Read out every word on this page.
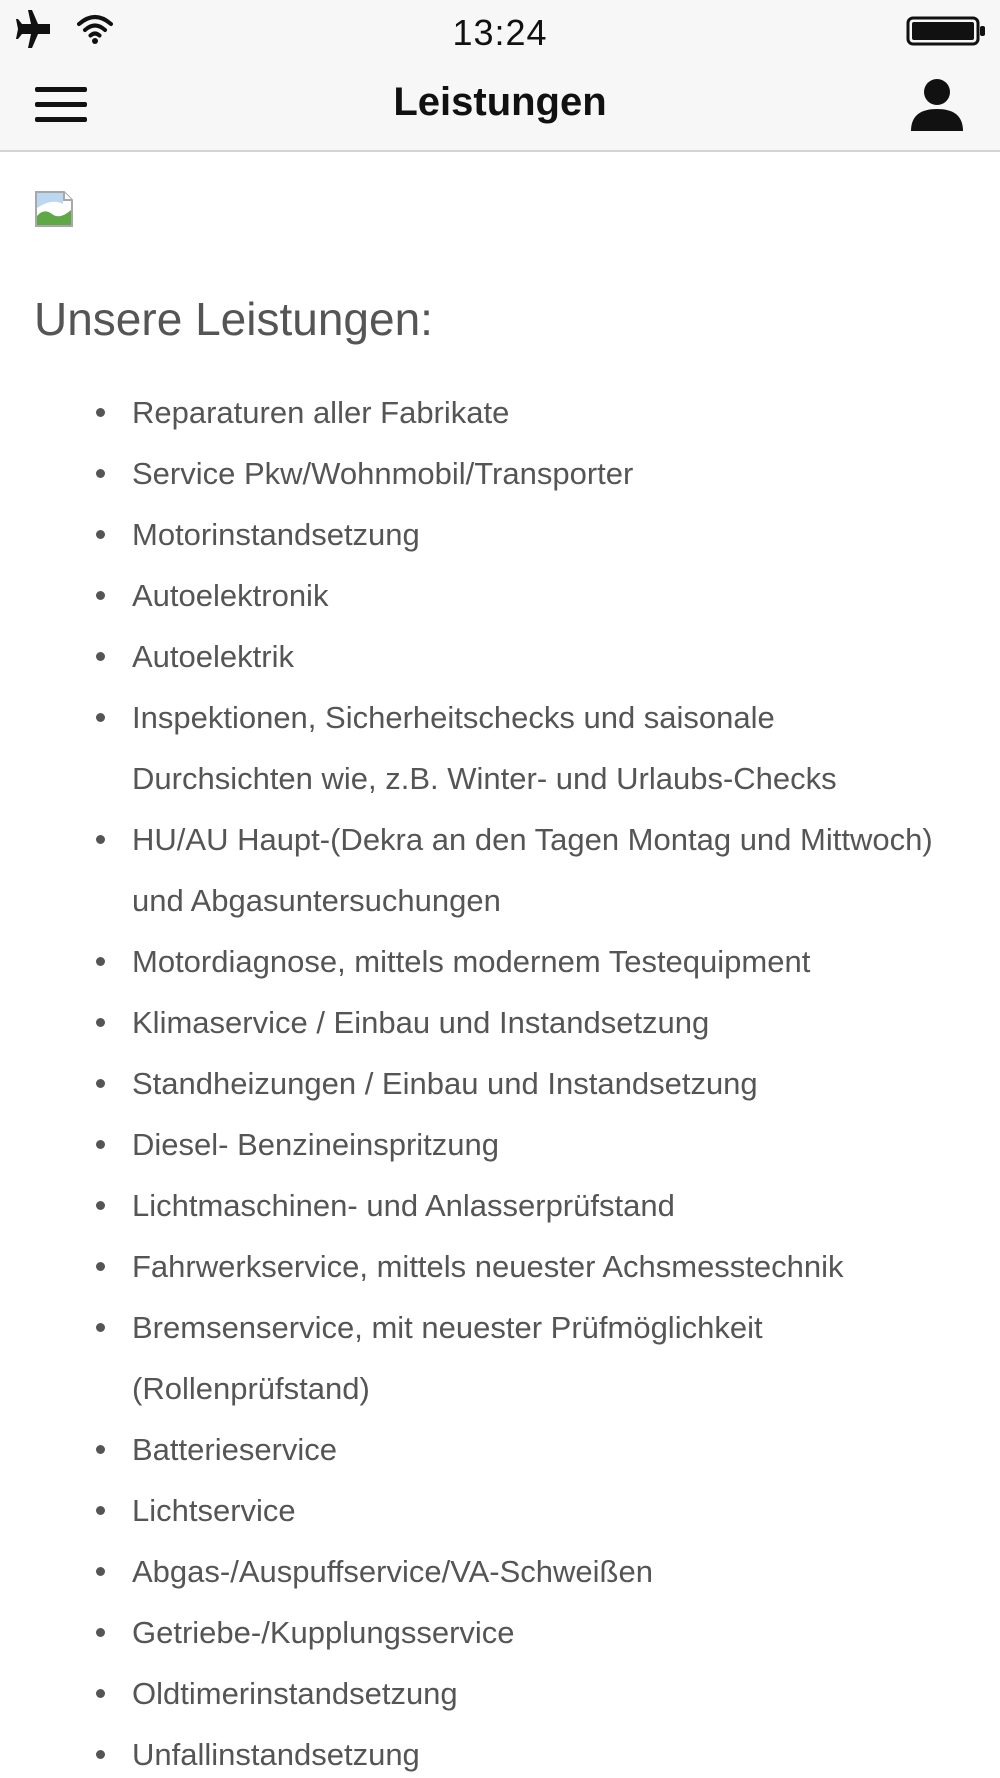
13:24
Leistungen
Unsere Leistungen:
Reparaturen aller Fabrikate
Service Pkw/Wohnmobil/Transporter
Motorinstandsetzung
Autoelektronik
Autoelektrik
Inspektionen, Sicherheitschecks und saisonale Durchsichten wie, z.B. Winter- und Urlaubs-Checks
HU/AU Haupt-(Dekra an den Tagen Montag und Mittwoch) und Abgasuntersuchungen
Motordiagnose, mittels modernem Testequipment
Klimaservice / Einbau und Instandsetzung
Standheizungen / Einbau und Instandsetzung
Diesel- Benzineinspritzung
Lichtmaschinen- und Anlasserprüfstand
Fahrwerkservice, mittels neuester Achsmesstechnik
Bremsenservice, mit neuester Prüfmöglichkeit (Rollenprüfstand)
Batterieservice
Lichtservice
Abgas-/Auspuffservice/VA-Schweißen
Getriebe-/Kupplungsservice
Oldtimerinstandsetzung
Unfallinstandsetzung
